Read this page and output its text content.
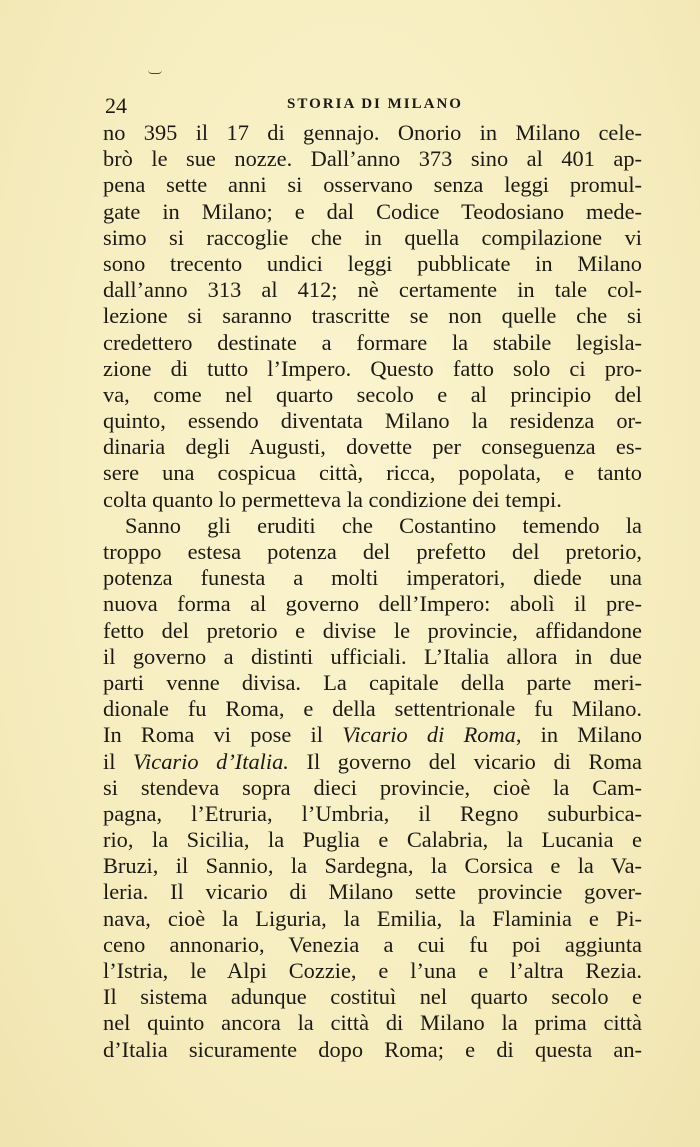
24	STORIA DI MILANO
no 395 il 17 di gennajo. Onorio in Milano cele-
brò le sue nozze. Dall’anno 373 sino al 401 ap-
pena sette anni si osservano senza leggi promul-
gate in Milano; e dal Codice Teodosiano mede-
simo si raccoglie che in quella compilazione vi
sono trecento undici leggi pubblicate in Milano
dall’anno 313 al 412; nè certamente in tale col-
lezione si saranno trascritte se non quelle che si
credettero destinate a formare la stabile legisla-
zione di tutto l’Impero. Questo fatto solo ci pro-
va, come nel quarto secolo e al principio del
quinto, essendo diventata Milano la residenza or-
dinaria degli Augusti, dovette per conseguenza es-
sere una cospicua città, ricca, popolata, e tanto
colta quanto lo permetteva la condizione dei tempi.
Sanno gli eruditi che Costantino temendo la
troppo estesa potenza del prefetto del pretorio,
potenza funesta a molti imperatori, diede una
nuova forma al governo dell’Impero: abolì il pre-
fetto del pretorio e divise le provincie, affidandone
il governo a distinti ufficiali. L’Italia allora in due
parti venne divisa. La capitale della parte meri-
dionale fu Roma, e della settentrionale fu Milano.
In Roma vi pose il Vicario di Roma, in Milano
il Vicario d’Italia. Il governo del vicario di Roma
si stendeva sopra dieci provincie, cioè la Cam-
pagna, l’Etruria, l’Umbria, il Regno suburbica-
rio, la Sicilia, la Puglia e Calabria, la Lucania e
Bruzi, il Sannio, la Sardegna, la Corsica e la Va-
leria. Il vicario di Milano sette provincie gover-
nava, cioè la Liguria, la Emilia, la Flaminia e Pi-
ceno annonario, Venezia a cui fu poi aggiunta
l’Istria, le Alpi Cozzie, e l’una e l’altra Rezia.
Il sistema adunque costituì nel quarto secolo e
nel quinto ancora la città di Milano la prima città
d’Italia sicuramente dopo Roma; e di questa an-
